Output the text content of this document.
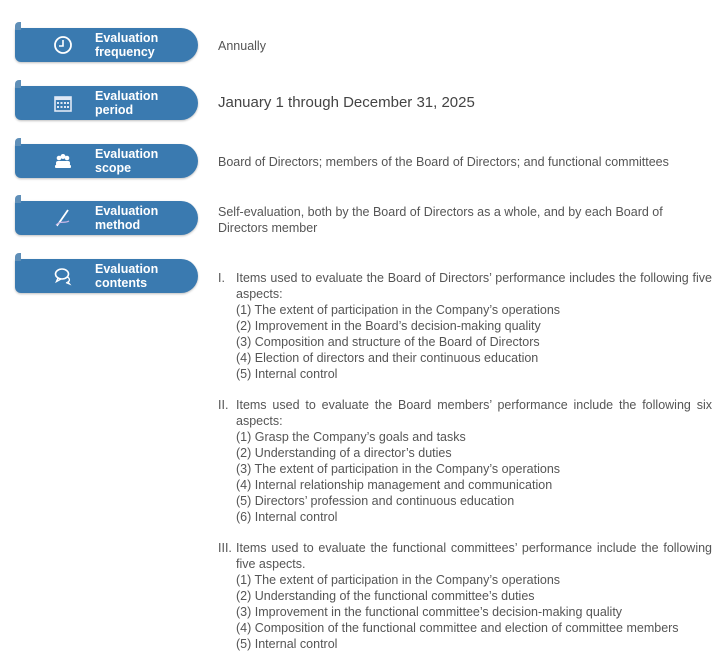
Evaluation
frequency	Annually
Evaluation
period	January 1 through December 31, 2025
Evaluation
scope	Board of Directors; members of the Board of Directors; and functional committees
Evaluation
method
Self-evaluation, both by the Board of Directors as a whole, and by each Board of Directors member
Evaluation
contents	I. Items used to evaluate the Board of Directors’ performance includes the following five aspects:
(1) The extent of participation in the Company’s operations
(2) Improvement in the Board’s decision-making quality
(3) Composition and structure of the Board of Directors
(4) Election of directors and their continuous education
(5) Internal control
II. Items used to evaluate the Board members’ performance include the following six aspects:
(1) Grasp the Company’s goals and tasks
(2) Understanding of a director’s duties
(3) The extent of participation in the Company’s operations
(4) Internal relationship management and communication
(5) Directors’ profession and continuous education
(6) Internal control
III. Items used to evaluate the functional committees’ performance include the following five aspects.
(1) The extent of participation in the Company’s operations
(2) Understanding of the functional committee’s duties
(3) Improvement in the functional committee’s decision-making quality
(4) Composition of the functional committee and election of committee members
(5) Internal control
